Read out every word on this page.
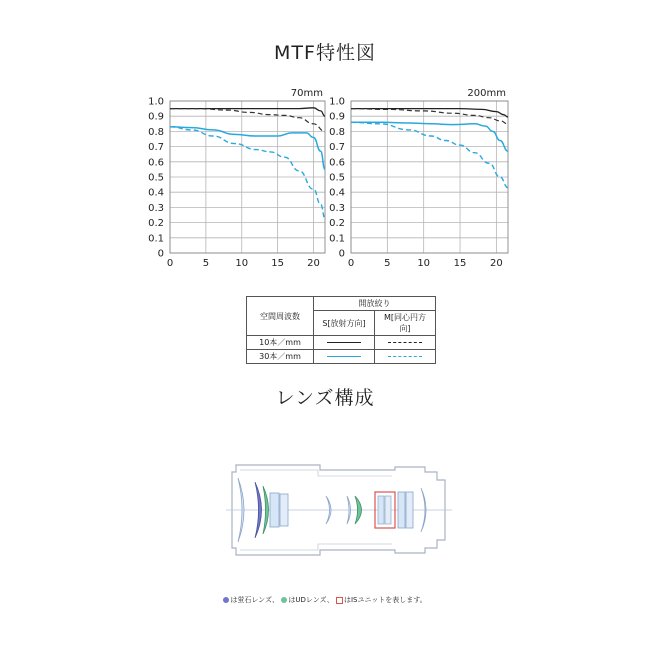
MTF特性図
0
0.1
0.2
0.3
0.4
0.5
0.6
0.7
0.8
0.9
1.0
0	5	10 15 20
70mm
0
0.1
0.2
0.3
0.4
0.5
0.6
0.7
0.8
0.9
1.0
0	5	10 15 20
200mm
空間周波数	開放絞り	
	S[放射方向]	M[同心円方向]
10本／mm		
30本／mm		
レンズ構成
は蛍石レンズ、 はUDレンズ、 はISユニットを表します。
